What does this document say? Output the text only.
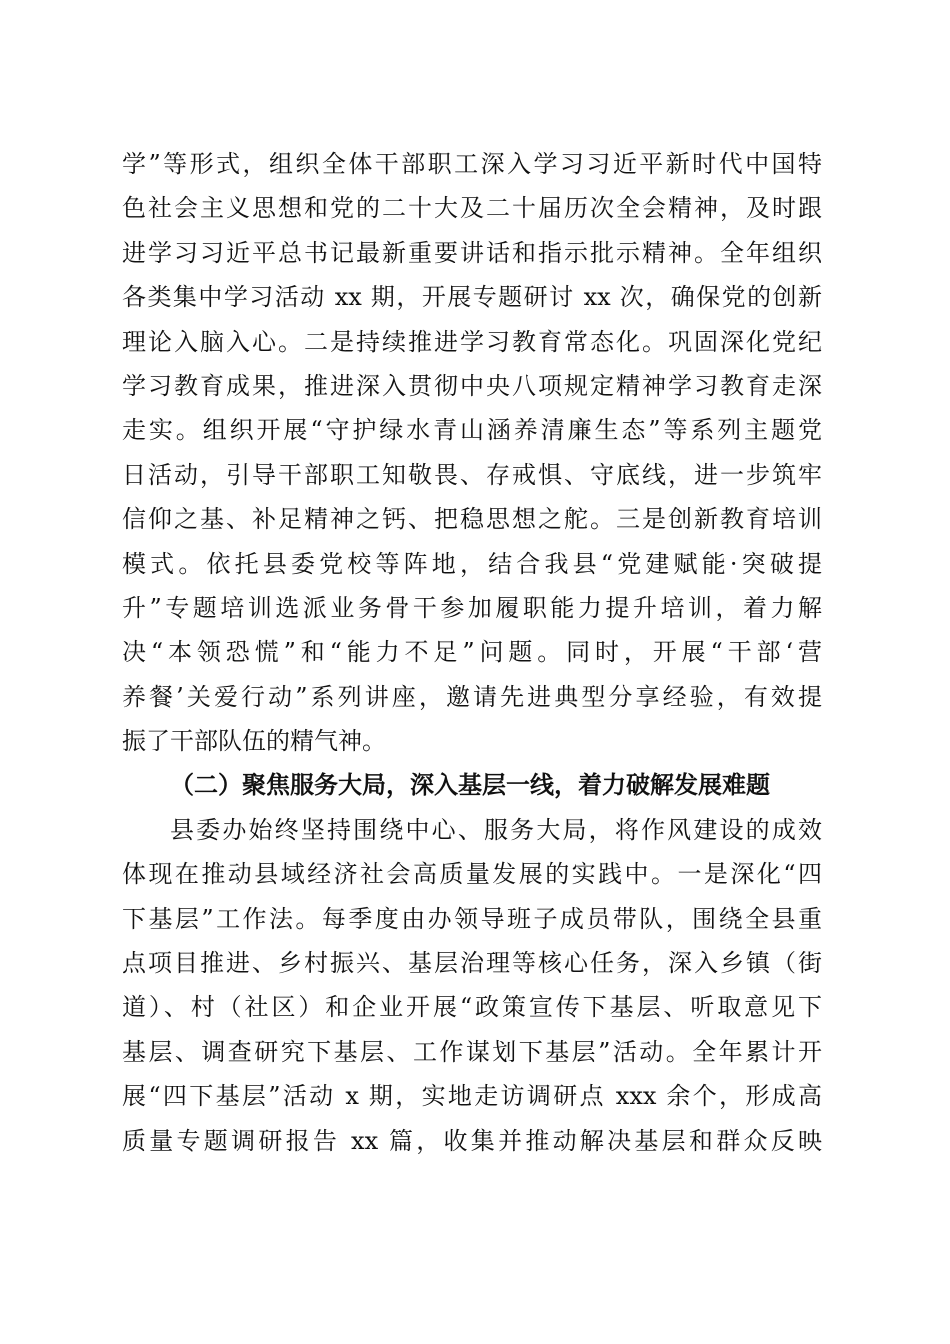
学”等形式，组织全体干部职工深入学习习近平新时代中国特
色社会主义思想和党的二十大及二十届历次全会精神，及时跟
进学习习近平总书记最新重要讲话和指示批示精神。全年组织
各类集中学习活动 xx 期，开展专题研讨 xx 次，确保党的创新
理论入脑入心。二是持续推进学习教育常态化。巩固深化党纪
学习教育成果，推进深入贯彻中央八项规定精神学习教育走深
走实。组织开展“守护绿水青山涵养清廉生态”等系列主题党
日活动，引导干部职工知敬畏、存戒惧、守底线，进一步筑牢
信仰之基、补足精神之钙、把稳思想之舵。三是创新教育培训
模式。依托县委党校等阵地，结合我县“党建赋能·突破提
升”专题培训选派业务骨干参加履职能力提升培训，着力解
决“本领恐慌”和“能力不足”问题。同时，开展“干部‘营
养餐’关爱行动”系列讲座，邀请先进典型分享经验，有效提
振了干部队伍的精气神。
（二）聚焦服务大局，深入基层一线，着力破解发展难题
县委办始终坚持围绕中心、服务大局，将作风建设的成效
体现在推动县域经济社会高质量发展的实践中。一是深化“四
下基层”工作法。每季度由办领导班子成员带队，围绕全县重
点项目推进、乡村振兴、基层治理等核心任务，深入乡镇（街
道）、村（社区）和企业开展“政策宣传下基层、听取意见下
基层、调查研究下基层、工作谋划下基层”活动。全年累计开
展“四下基层”活动 x 期，实地走访调研点 xxx 余个，形成高
质量专题调研报告 xx 篇，收集并推动解决基层和群众反映
